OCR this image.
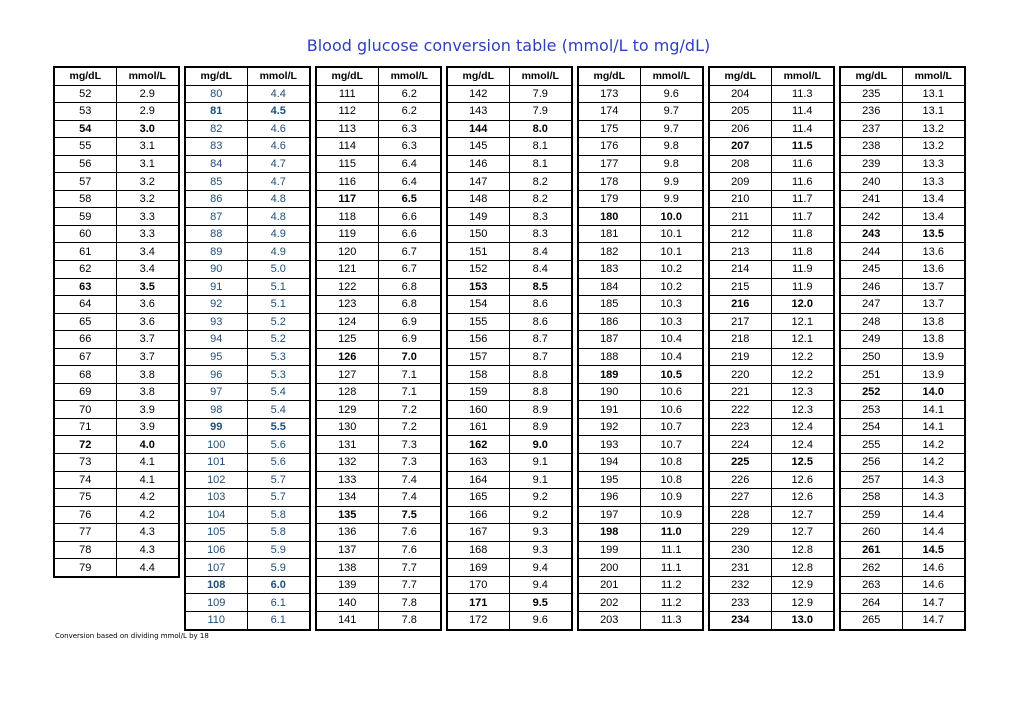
Blood glucose conversion table (mmol/L to mg/dL)
mg/dL	mmol/L
52	2.9
53	2.9
54	3.0
55	3.1
56	3.1
57	3.2
58	3.2
59	3.3
60	3.3
61	3.4
62	3.4
63	3.5
64	3.6
65	3.6
66	3.7
67	3.7
68	3.8
69	3.8
70	3.9
71	3.9
72	4.0
73	4.1
74	4.1
75	4.2
76	4.2
77	4.3
78	4.3
79	4.4
mg/dL	mmol/L
80	4.4
81	4.5
82	4.6
83	4.6
84	4.7
85	4.7
86	4.8
87	4.8
88	4.9
89	4.9
90	5.0
91	5.1
92	5.1
93	5.2
94	5.2
95	5.3
96	5.3
97	5.4
98	5.4
99	5.5
100	5.6
101	5.6
102	5.7
103	5.7
104	5.8
105	5.8
106	5.9
107	5.9
108	6.0
109	6.1
110	6.1
mg/dL	mmol/L
111	6.2
112	6.2
113	6.3
114	6.3
115	6.4
116	6.4
117	6.5
118	6.6
119	6.6
120	6.7
121	6.7
122	6.8
123	6.8
124	6.9
125	6.9
126	7.0
127	7.1
128	7.1
129	7.2
130	7.2
131	7.3
132	7.3
133	7.4
134	7.4
135	7.5
136	7.6
137	7.6
138	7.7
139	7.7
140	7.8
141	7.8
mg/dL	mmol/L
142	7.9
143	7.9
144	8.0
145	8.1
146	8.1
147	8.2
148	8.2
149	8.3
150	8.3
151	8.4
152	8.4
153	8.5
154	8.6
155	8.6
156	8.7
157	8.7
158	8.8
159	8.8
160	8.9
161	8.9
162	9.0
163	9.1
164	9.1
165	9.2
166	9.2
167	9.3
168	9.3
169	9.4
170	9.4
171	9.5
172	9.6
mg/dL	mmol/L
173	9.6
174	9.7
175	9.7
176	9.8
177	9.8
178	9.9
179	9.9
180	10.0
181	10.1
182	10.1
183	10.2
184	10.2
185	10.3
186	10.3
187	10.4
188	10.4
189	10.5
190	10.6
191	10.6
192	10.7
193	10.7
194	10.8
195	10.8
196	10.9
197	10.9
198	11.0
199	11.1
200	11.1
201	11.2
202	11.2
203	11.3
mg/dL	mmol/L
204	11.3
205	11.4
206	11.4
207	11.5
208	11.6
209	11.6
210	11.7
211	11.7
212	11.8
213	11.8
214	11.9
215	11.9
216	12.0
217	12.1
218	12.1
219	12.2
220	12.2
221	12.3
222	12.3
223	12.4
224	12.4
225	12.5
226	12.6
227	12.6
228	12.7
229	12.7
230	12.8
231	12.8
232	12.9
233	12.9
234	13.0
mg/dL	mmol/L
235	13.1
236	13.1
237	13.2
238	13.2
239	13.3
240	13.3
241	13.4
242	13.4
243	13.5
244	13.6
245	13.6
246	13.7
247	13.7
248	13.8
249	13.8
250	13.9
251	13.9
252	14.0
253	14.1
254	14.1
255	14.2
256	14.2
257	14.3
258	14.3
259	14.4
260	14.4
261	14.5
262	14.6
263	14.6
264	14.7
265	14.7
Conversion based on dividing mmol/L by 18
